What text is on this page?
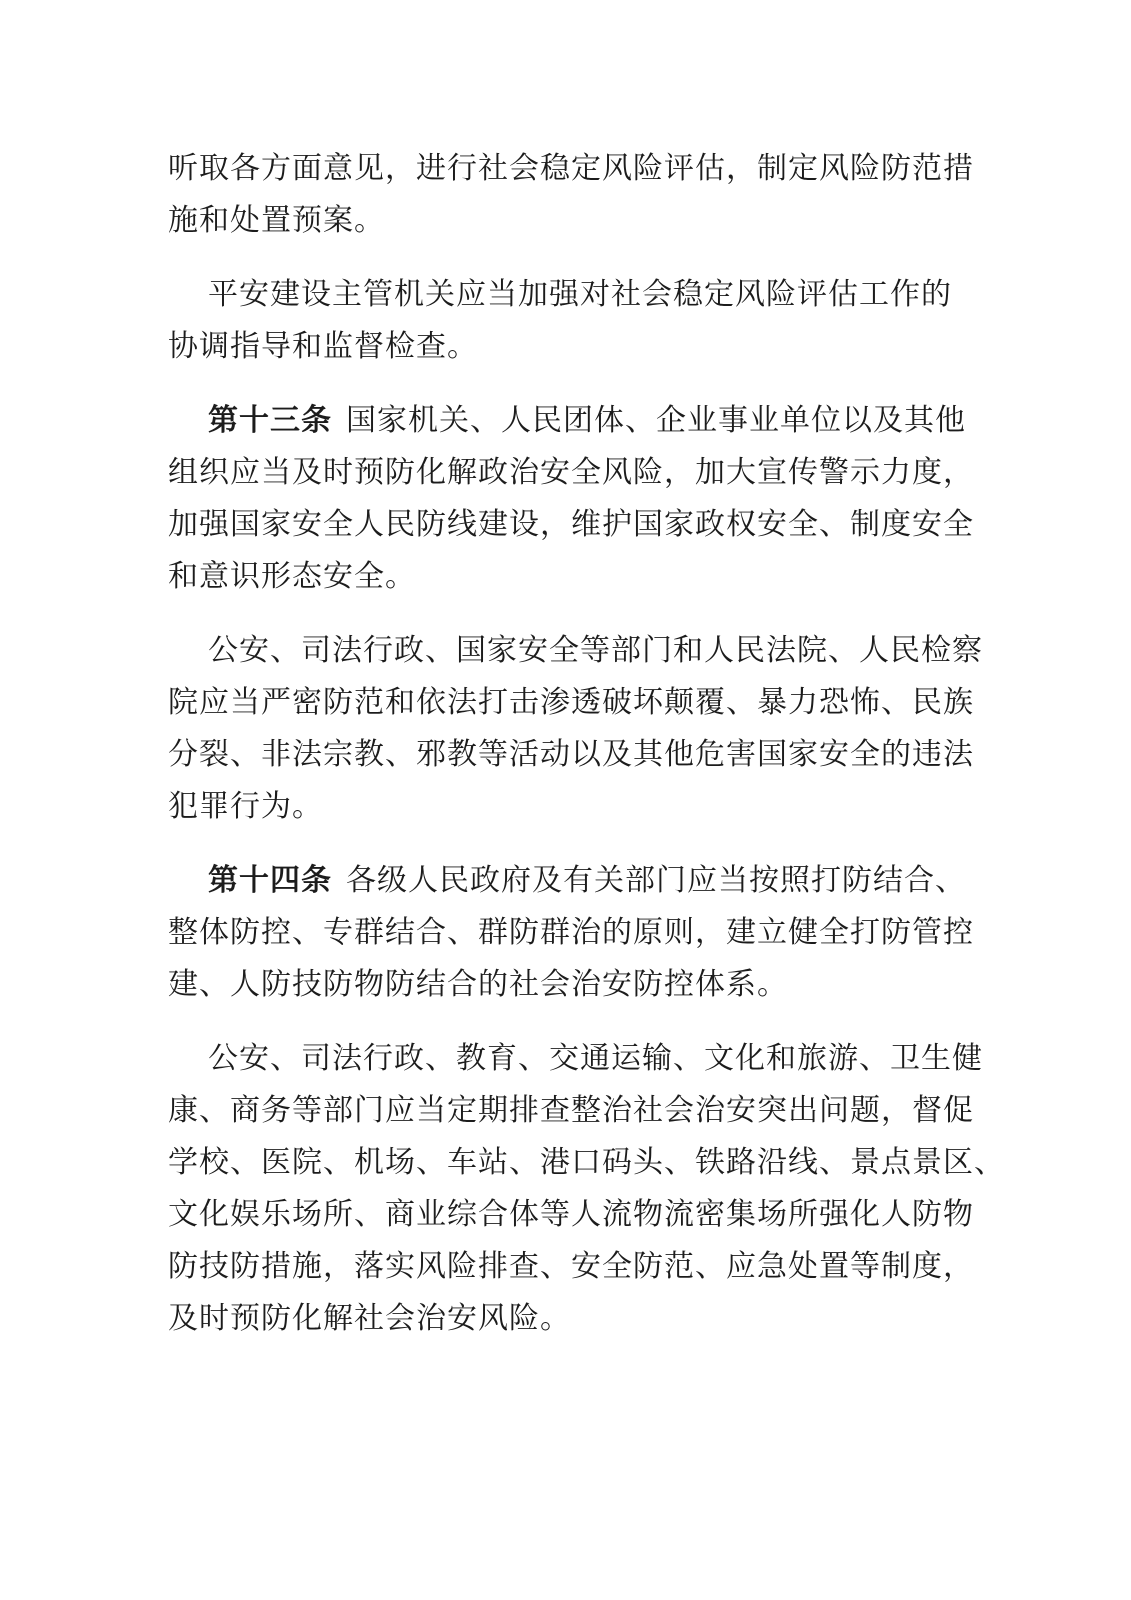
听取各方面意见，进行社会稳定风险评估，制定风险防范措
施和处置预案。
平安建设主管机关应当加强对社会稳定风险评估工作的
协调指导和监督检查。
第十三条 国家机关、人民团体、企业事业单位以及其他
组织应当及时预防化解政治安全风险，加大宣传警示力度，
加强国家安全人民防线建设，维护国家政权安全、制度安全
和意识形态安全。
公安、司法行政、国家安全等部门和人民法院、人民检察
院应当严密防范和依法打击渗透破坏颠覆、暴力恐怖、民族
分裂、非法宗教、邪教等活动以及其他危害国家安全的违法
犯罪行为。
第十四条 各级人民政府及有关部门应当按照打防结合、
整体防控、专群结合、群防群治的原则，建立健全打防管控
建、人防技防物防结合的社会治安防控体系。
公安、司法行政、教育、交通运输、文化和旅游、卫生健
康、商务等部门应当定期排查整治社会治安突出问题，督促
学校、医院、机场、车站、港口码头、铁路沿线、景点景区、
文化娱乐场所、商业综合体等人流物流密集场所强化人防物
防技防措施，落实风险排查、安全防范、应急处置等制度，
及时预防化解社会治安风险。
